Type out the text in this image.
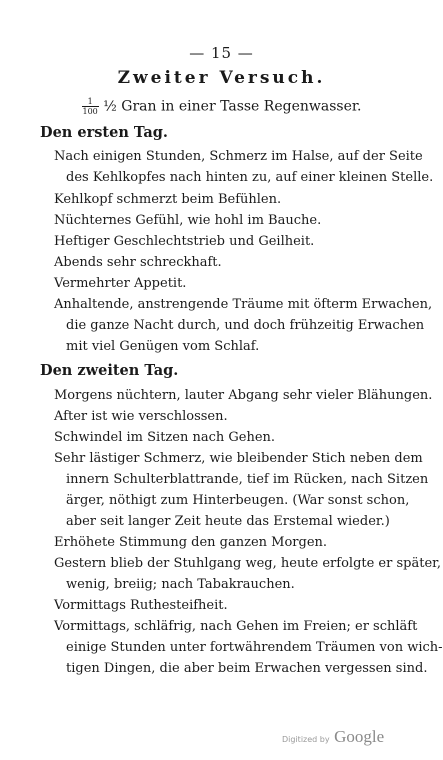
— 15 —
Zweiter Versuch.
$\frac{1}{100}$ ½ Gran in einer Tasse Regenwasser.
Den ersten Tag.
Nach einigen Stunden, Schmerz im Halse, auf der Seite
des Kehlkopfes nach hinten zu, auf einer kleinen Stelle.
Kehlkopf schmerzt beim Befühlen.
Nüchternes Gefühl, wie hohl im Bauche.
Heftiger Geschlechtstrieb und Geilheit.
Abends sehr schreckhaft.
Vermehrter Appetit.
Anhaltende, anstrengende Träume mit öfterm Erwachen,
die ganze Nacht durch, und doch frühzeitig Erwachen
mit viel Genügen vom Schlaf.
Den zweiten Tag.
Morgens nüchtern, lauter Abgang sehr vieler Blähungen.
After ist wie verschlossen.
Schwindel im Sitzen nach Gehen.
Sehr lästiger Schmerz, wie bleibender Stich neben dem
innern Schulterblattrande, tief im Rücken, nach Sitzen
ärger, nöthigt zum Hinterbeugen. (War sonst schon,
aber seit langer Zeit heute das Erstemal wieder.)
Erhöhete Stimmung den ganzen Morgen.
Gestern blieb der Stuhlgang weg, heute erfolgte er später,
wenig, breiig; nach Tabakrauchen.
Vormittags Ruthesteifheit.
Vormittags, schläfrig, nach Gehen im Freien; er schläft
einige Stunden unter fortwährendem Träumen von wich-
tigen Dingen, die aber beim Erwachen vergessen sind.
Digitized by Google
